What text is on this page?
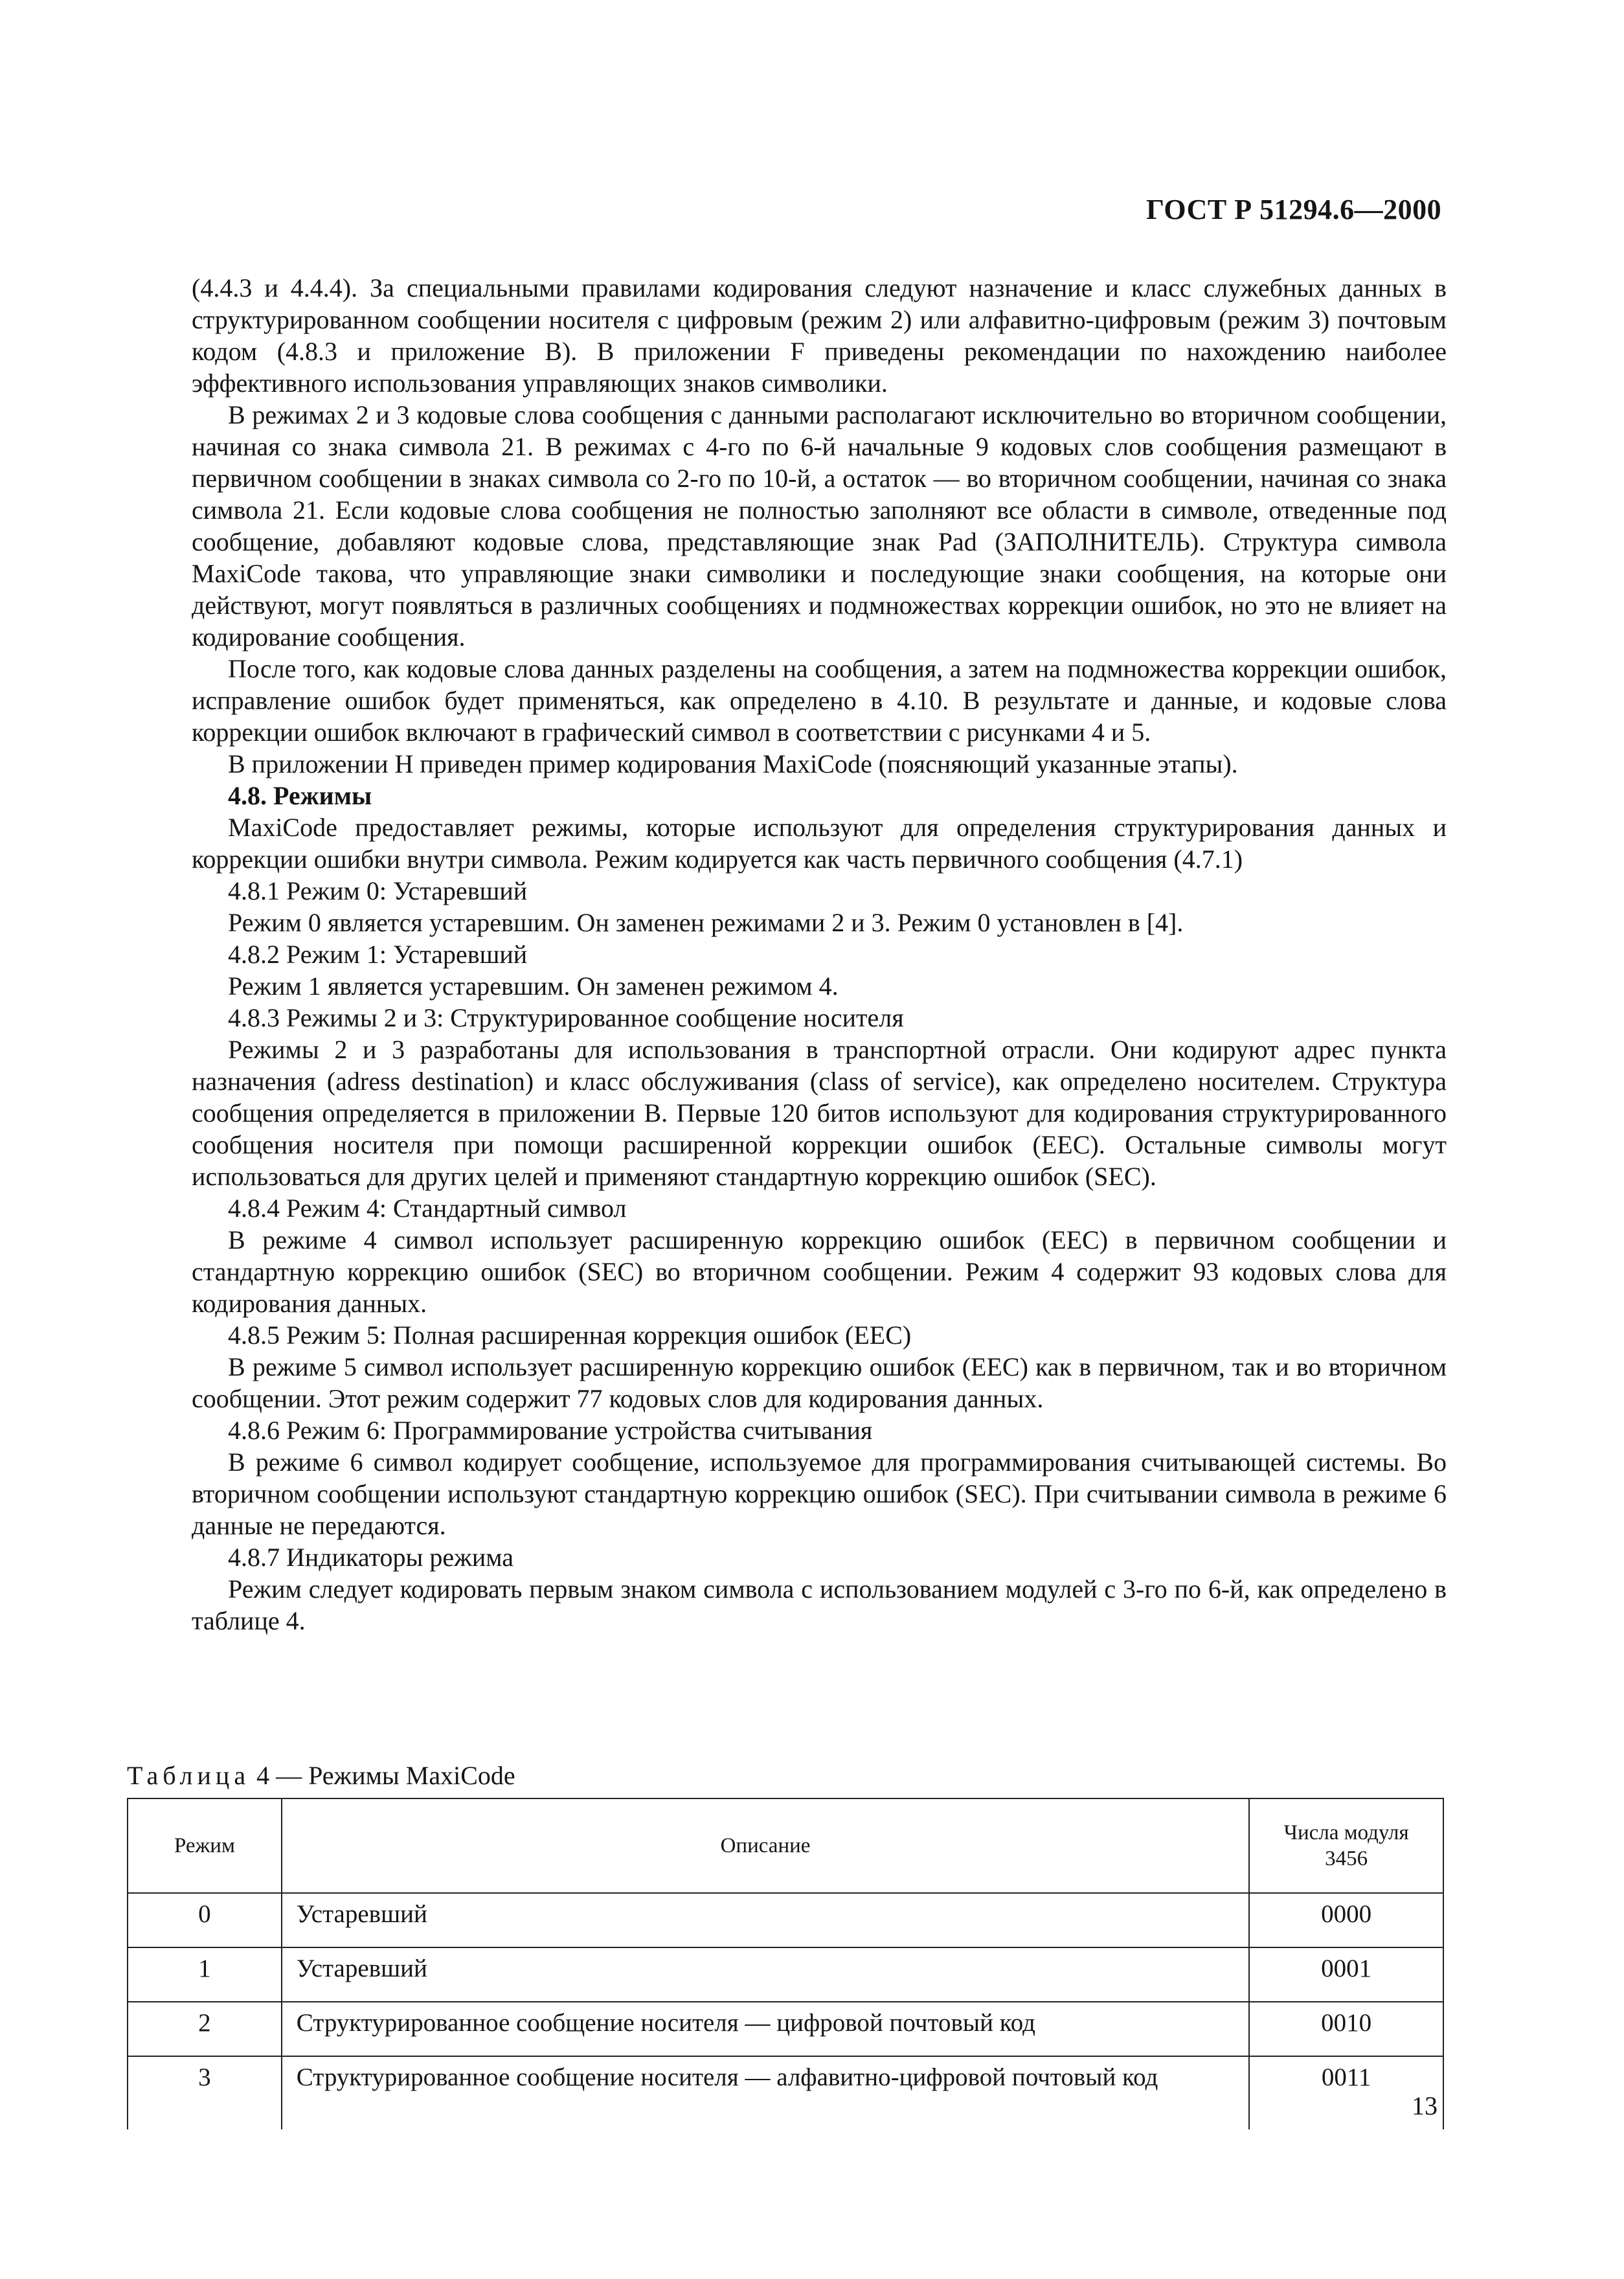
ГОСТ Р 51294.6—2000

(4.4.3 и 4.4.4). За специальными правилами кодирования следуют назначение и класс служебных данных в структурированном сообщении носителя с цифровым (режим 2) или алфавитно-цифровым (режим 3) почтовым кодом (4.8.3 и приложение В). В приложении F приведены рекомендации по нахождению наиболее эффективного использования управляющих знаков символики.

В режимах 2 и 3 кодовые слова сообщения с данными располагают исключительно во вторичном сообщении, начиная со знака символа 21. В режимах с 4-го по 6-й начальные 9 кодовых слов сообщения размещают в первичном сообщении в знаках символа со 2-го по 10-й, а остаток — во вторичном сообщении, начиная со знака символа 21. Если кодовые слова сообщения не полностью заполняют все области в символе, отведенные под сообщение, добавляют кодовые слова, представляющие знак Pad (ЗАПОЛНИТЕЛЬ). Структура символа MaxiCode такова, что управляющие знаки символики и последующие знаки сообщения, на которые они действуют, могут появляться в различных сообщениях и подмножествах коррекции ошибок, но это не влияет на кодирование сообщения.

После того, как кодовые слова данных разделены на сообщения, а затем на подмножества коррекции ошибок, исправление ошибок будет применяться, как определено в 4.10. В результате и данные, и кодовые слова коррекции ошибок включают в графический символ в соответствии с рисунками 4 и 5.

В приложении Н приведен пример кодирования MaxiCode (поясняющий указанные этапы).

4.8. Режимы

MaxiCode предоставляет режимы, которые используют для определения структурирования данных и коррекции ошибки внутри символа. Режим кодируется как часть первичного сообщения (4.7.1)

4.8.1 Режим 0: Устаревший

Режим 0 является устаревшим. Он заменен режимами 2 и 3. Режим 0 установлен в [4].

4.8.2 Режим 1: Устаревший

Режим 1 является устаревшим. Он заменен режимом 4.

4.8.3 Режимы 2 и 3: Структурированное сообщение носителя

Режимы 2 и 3 разработаны для использования в транспортной отрасли. Они кодируют адрес пункта назначения (adress destination) и класс обслуживания (class of service), как определено носителем. Структура сообщения определяется в приложении В. Первые 120 битов используют для кодирования структурированного сообщения носителя при помощи расширенной коррекции ошибок (ЕЕС). Остальные символы могут использоваться для других целей и применяют стандартную коррекцию ошибок (SEC).

4.8.4 Режим 4: Стандартный символ

В режиме 4 символ использует расширенную коррекцию ошибок (ЕЕС) в первичном сообщении и стандартную коррекцию ошибок (SEC) во вторичном сообщении. Режим 4 содержит 93 кодовых слова для кодирования данных.

4.8.5 Режим 5: Полная расширенная коррекция ошибок (ЕЕС)

В режиме 5 символ использует расширенную коррекцию ошибок (ЕЕС) как в первичном, так и во вторичном сообщении. Этот режим содержит 77 кодовых слов для кодирования данных.

4.8.6 Режим 6: Программирование устройства считывания

В режиме 6 символ кодирует сообщение, используемое для программирования считывающей системы. Во вторичном сообщении используют стандартную коррекцию ошибок (SEC). При считывании символа в режиме 6 данные не передаются.

4.8.7 Индикаторы режима

Режим следует кодировать первым знаком символа с использованием модулей с 3-го по 6-й, как определено в таблице 4.

Таблица 4 — Режимы MaxiCode
Режим	Описание	Числа модуля
3456
0	Устаревший	0000
1	Устаревший	0001
2	Структурированное сообщение носителя — цифровой почтовый код	0010
3	Структурированное сообщение носителя — алфавитно-цифровой почтовый код	0011
13
